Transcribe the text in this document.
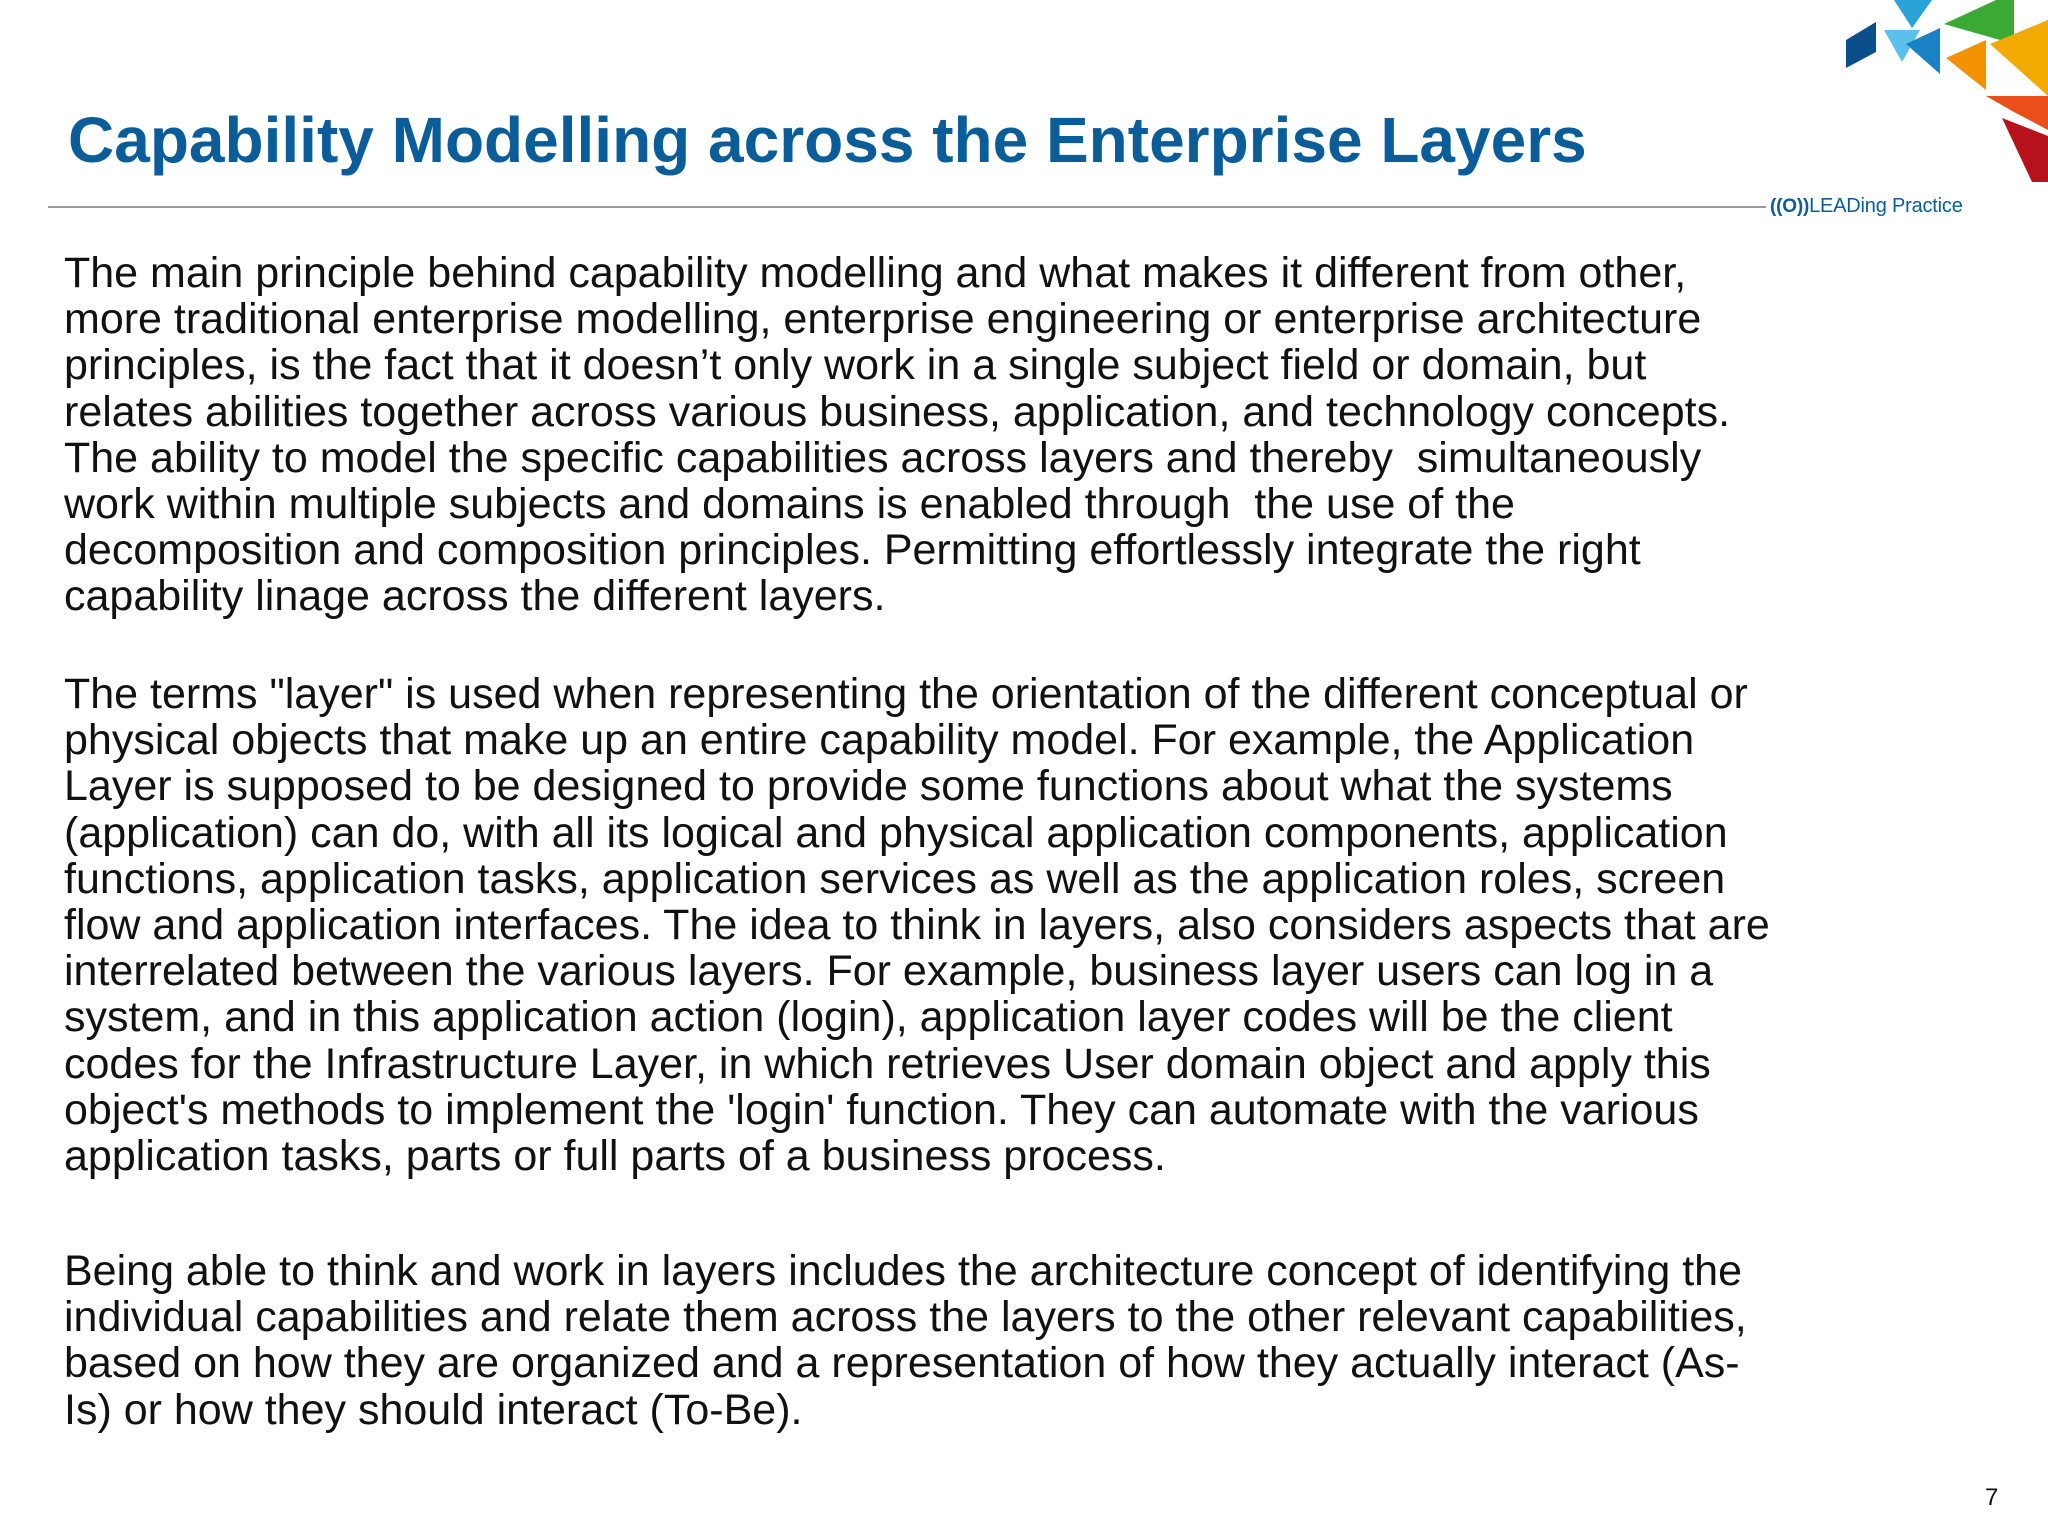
Capability Modelling across the Enterprise Layers
((O))LEADing Practice

The main principle behind capability modelling and what makes it different from other,
more traditional enterprise modelling, enterprise engineering or enterprise architecture
principles, is the fact that it doesn’t only work in a single subject field or domain, but
relates abilities together across various business, application, and technology concepts.
The ability to model the specific capabilities across layers and thereby  simultaneously
work within multiple subjects and domains is enabled through  the use of the
decomposition and composition principles. Permitting effortlessly integrate the right
capability linage across the different layers.

The terms "layer" is used when representing the orientation of the different conceptual or
physical objects that make up an entire capability model. For example, the Application
Layer is supposed to be designed to provide some functions about what the systems
(application) can do, with all its logical and physical application components, application
functions, application tasks, application services as well as the application roles, screen
flow and application interfaces. The idea to think in layers, also considers aspects that are
interrelated between the various layers. For example, business layer users can log in a
system, and in this application action (login), application layer codes will be the client
codes for the Infrastructure Layer, in which retrieves User domain object and apply this
object's methods to implement the 'login' function. They can automate with the various
application tasks, parts or full parts of a business process.

Being able to think and work in layers includes the architecture concept of identifying the
individual capabilities and relate them across the layers to the other relevant capabilities,
based on how they are organized and a representation of how they actually interact (As-
Is) or how they should interact (To-Be).

7
